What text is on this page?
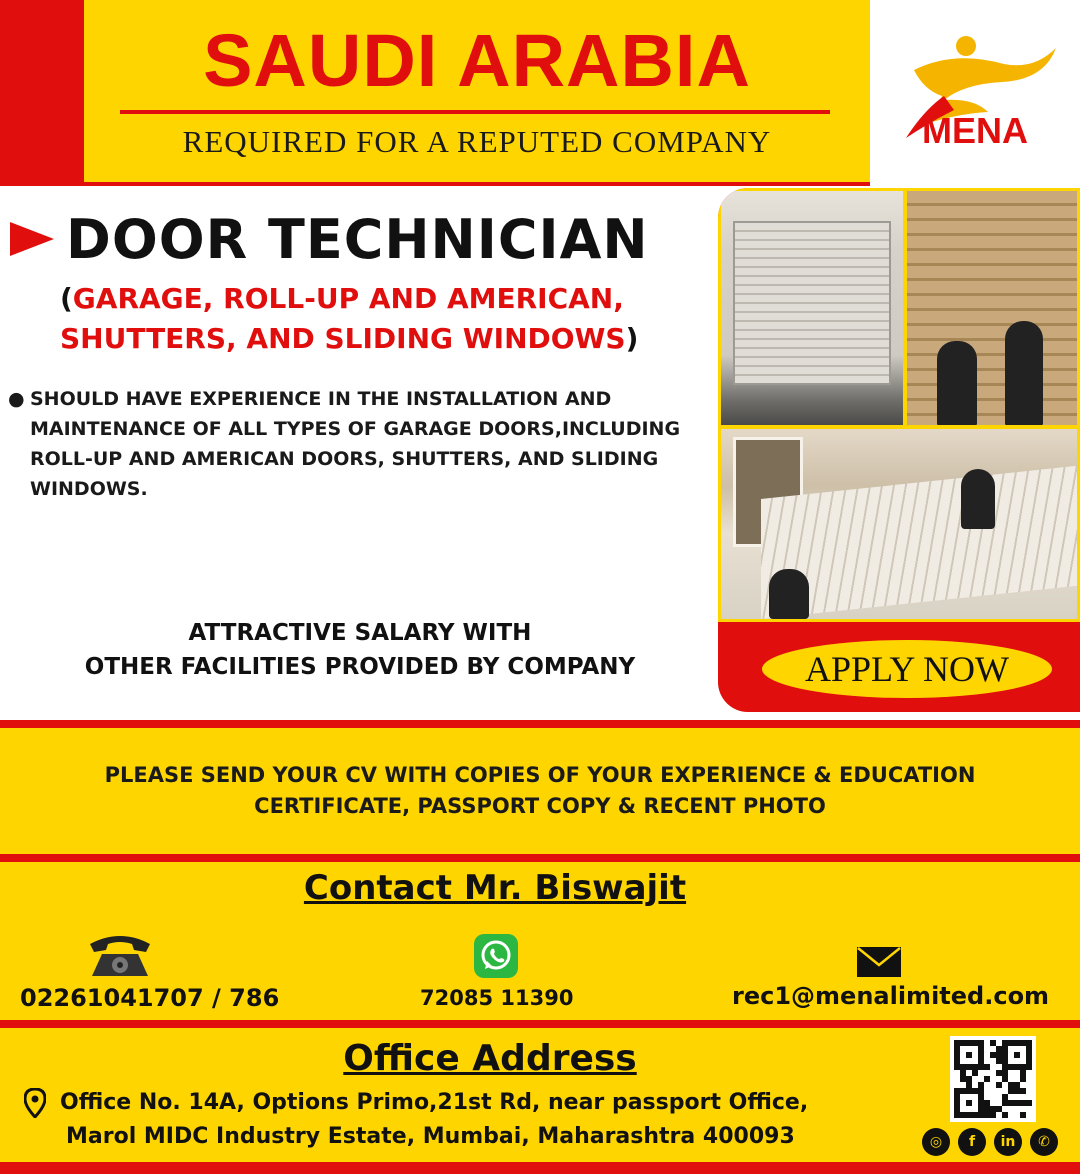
SAUDI ARABIA
REQUIRED FOR A REPUTED COMPANY	MENA
DOOR TECHNICIAN
(GARAGE, ROLL-UP AND AMERICAN,
SHUTTERS, AND SLIDING WINDOWS)
● SHOULD HAVE EXPERIENCE IN THE INSTALLATION AND MAINTENANCE OF ALL TYPES OF GARAGE DOORS,INCLUDING ROLL-UP AND AMERICAN DOORS, SHUTTERS, AND SLIDING WINDOWS.
ATTRACTIVE SALARY WITH
OTHER FACILITIES PROVIDED BY COMPANY	APPLY NOW
PLEASE SEND YOUR CV WITH COPIES OF YOUR EXPERIENCE & EDUCATION
CERTIFICATE, PASSPORT COPY & RECENT PHOTO
Contact Mr. Biswajit
02261041707 / 786	72085 11390	rec1@menalimited.com
Office Address
Office No. 14A, Options Primo,21st Rd, near passport Office,
Marol MIDC Industry Estate, Mumbai, Maharashtra 400093	◎	f	in	✆
